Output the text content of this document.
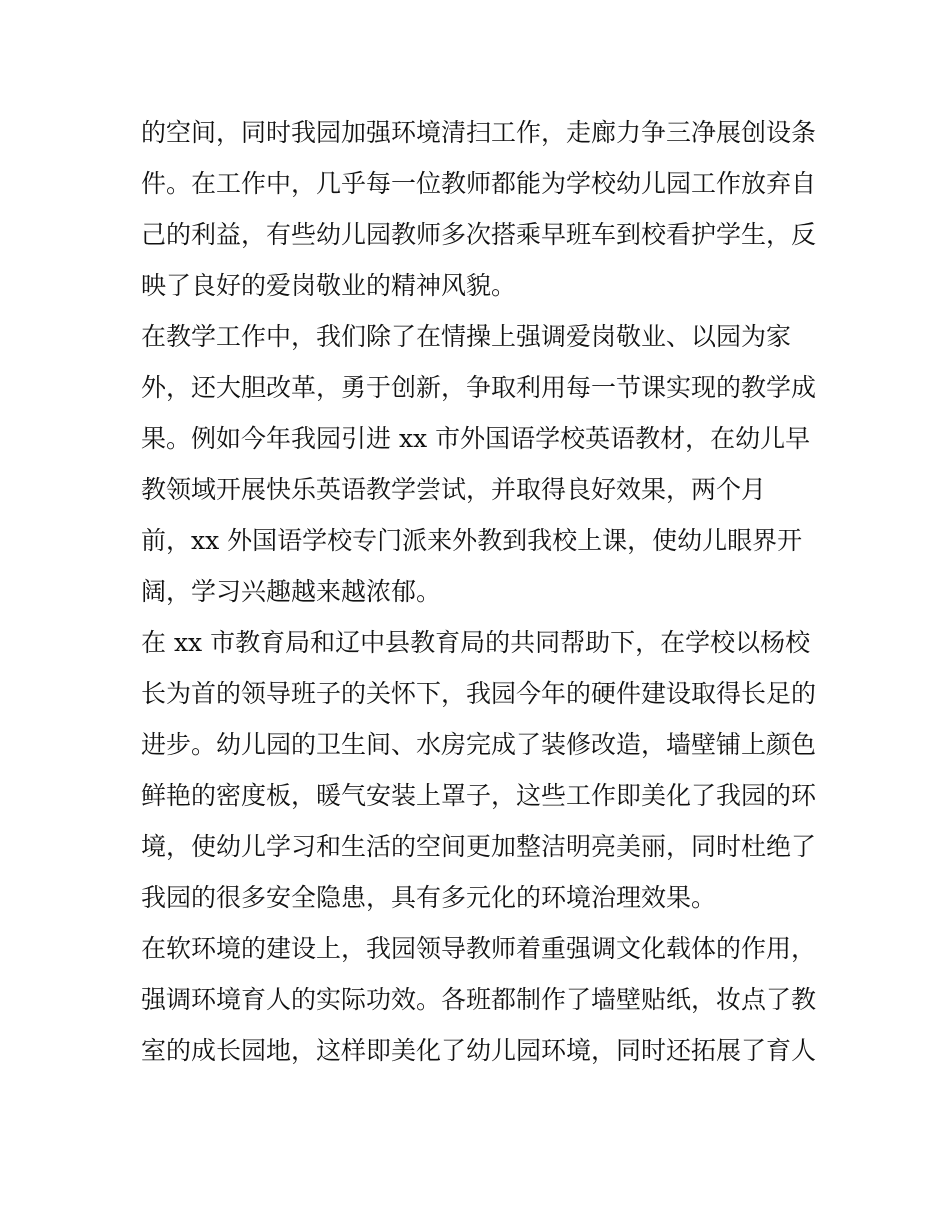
的空间，同时我园加强环境清扫工作，走廊力争三净展创设条
件。在工作中，几乎每一位教师都能为学校幼儿园工作放弃自
己的利益，有些幼儿园教师多次搭乘早班车到校看护学生，反
映了良好的爱岗敬业的精神风貌。
在教学工作中，我们除了在情操上强调爱岗敬业、以园为家
外，还大胆改革，勇于创新，争取利用每一节课实现的教学成
果。例如今年我园引进 xx 市外国语学校英语教材，在幼儿早
教领域开展快乐英语教学尝试，并取得良好效果，两个月
前，xx 外国语学校专门派来外教到我校上课，使幼儿眼界开
阔，学习兴趣越来越浓郁。
在 xx 市教育局和辽中县教育局的共同帮助下，在学校以杨校
长为首的领导班子的关怀下，我园今年的硬件建设取得长足的
进步。幼儿园的卫生间、水房完成了装修改造，墙壁铺上颜色
鲜艳的密度板，暖气安装上罩子，这些工作即美化了我园的环
境，使幼儿学习和生活的空间更加整洁明亮美丽，同时杜绝了
我园的很多安全隐患，具有多元化的环境治理效果。
在软环境的建设上，我园领导教师着重强调文化载体的作用，
强调环境育人的实际功效。各班都制作了墙壁贴纸，妆点了教
室的成长园地，这样即美化了幼儿园环境，同时还拓展了育人
